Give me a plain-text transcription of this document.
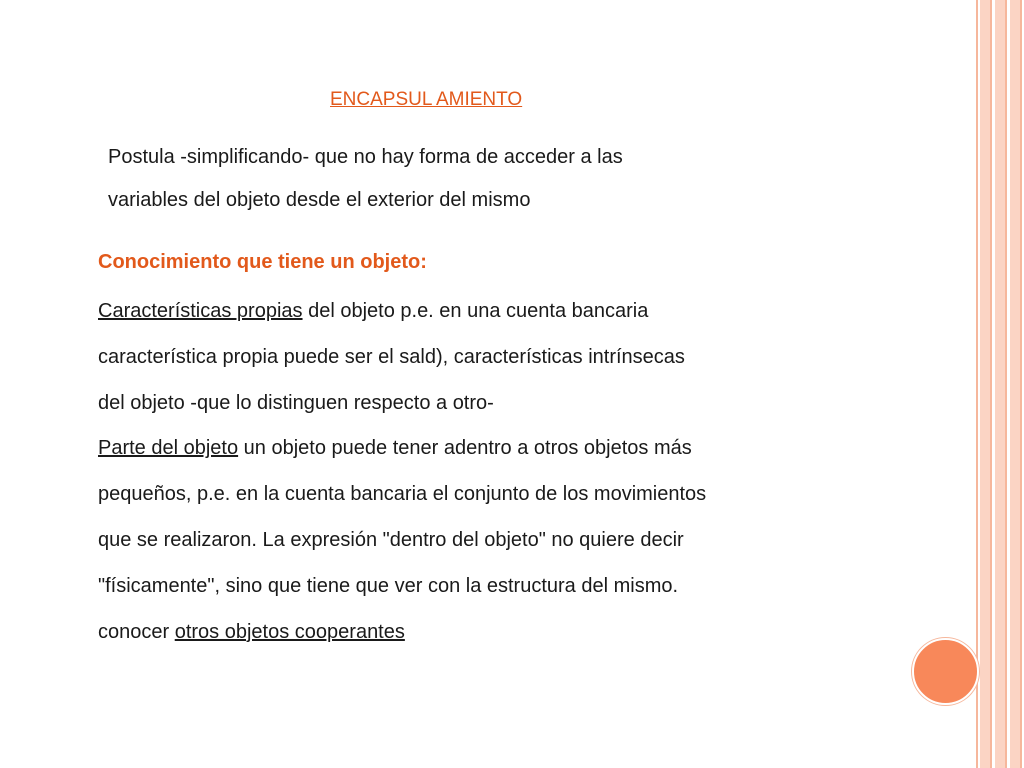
ENCAPSUL AMIENTO

Postula -simplificando- que no hay forma de acceder a las

variables del objeto desde el exterior del mismo

Conocimiento que tiene un objeto:

Características propias del objeto p.e. en una cuenta bancaria

característica propia puede ser el sald), características intrínsecas

del objeto -que lo distinguen respecto a otro-

Parte del objeto un objeto puede tener adentro a otros objetos más

pequeños, p.e. en la cuenta bancaria el conjunto de los movimientos

que se realizaron. La expresión "dentro del objeto" no quiere decir

"físicamente", sino que tiene que ver con la estructura del mismo.

conocer otros objetos cooperantes
